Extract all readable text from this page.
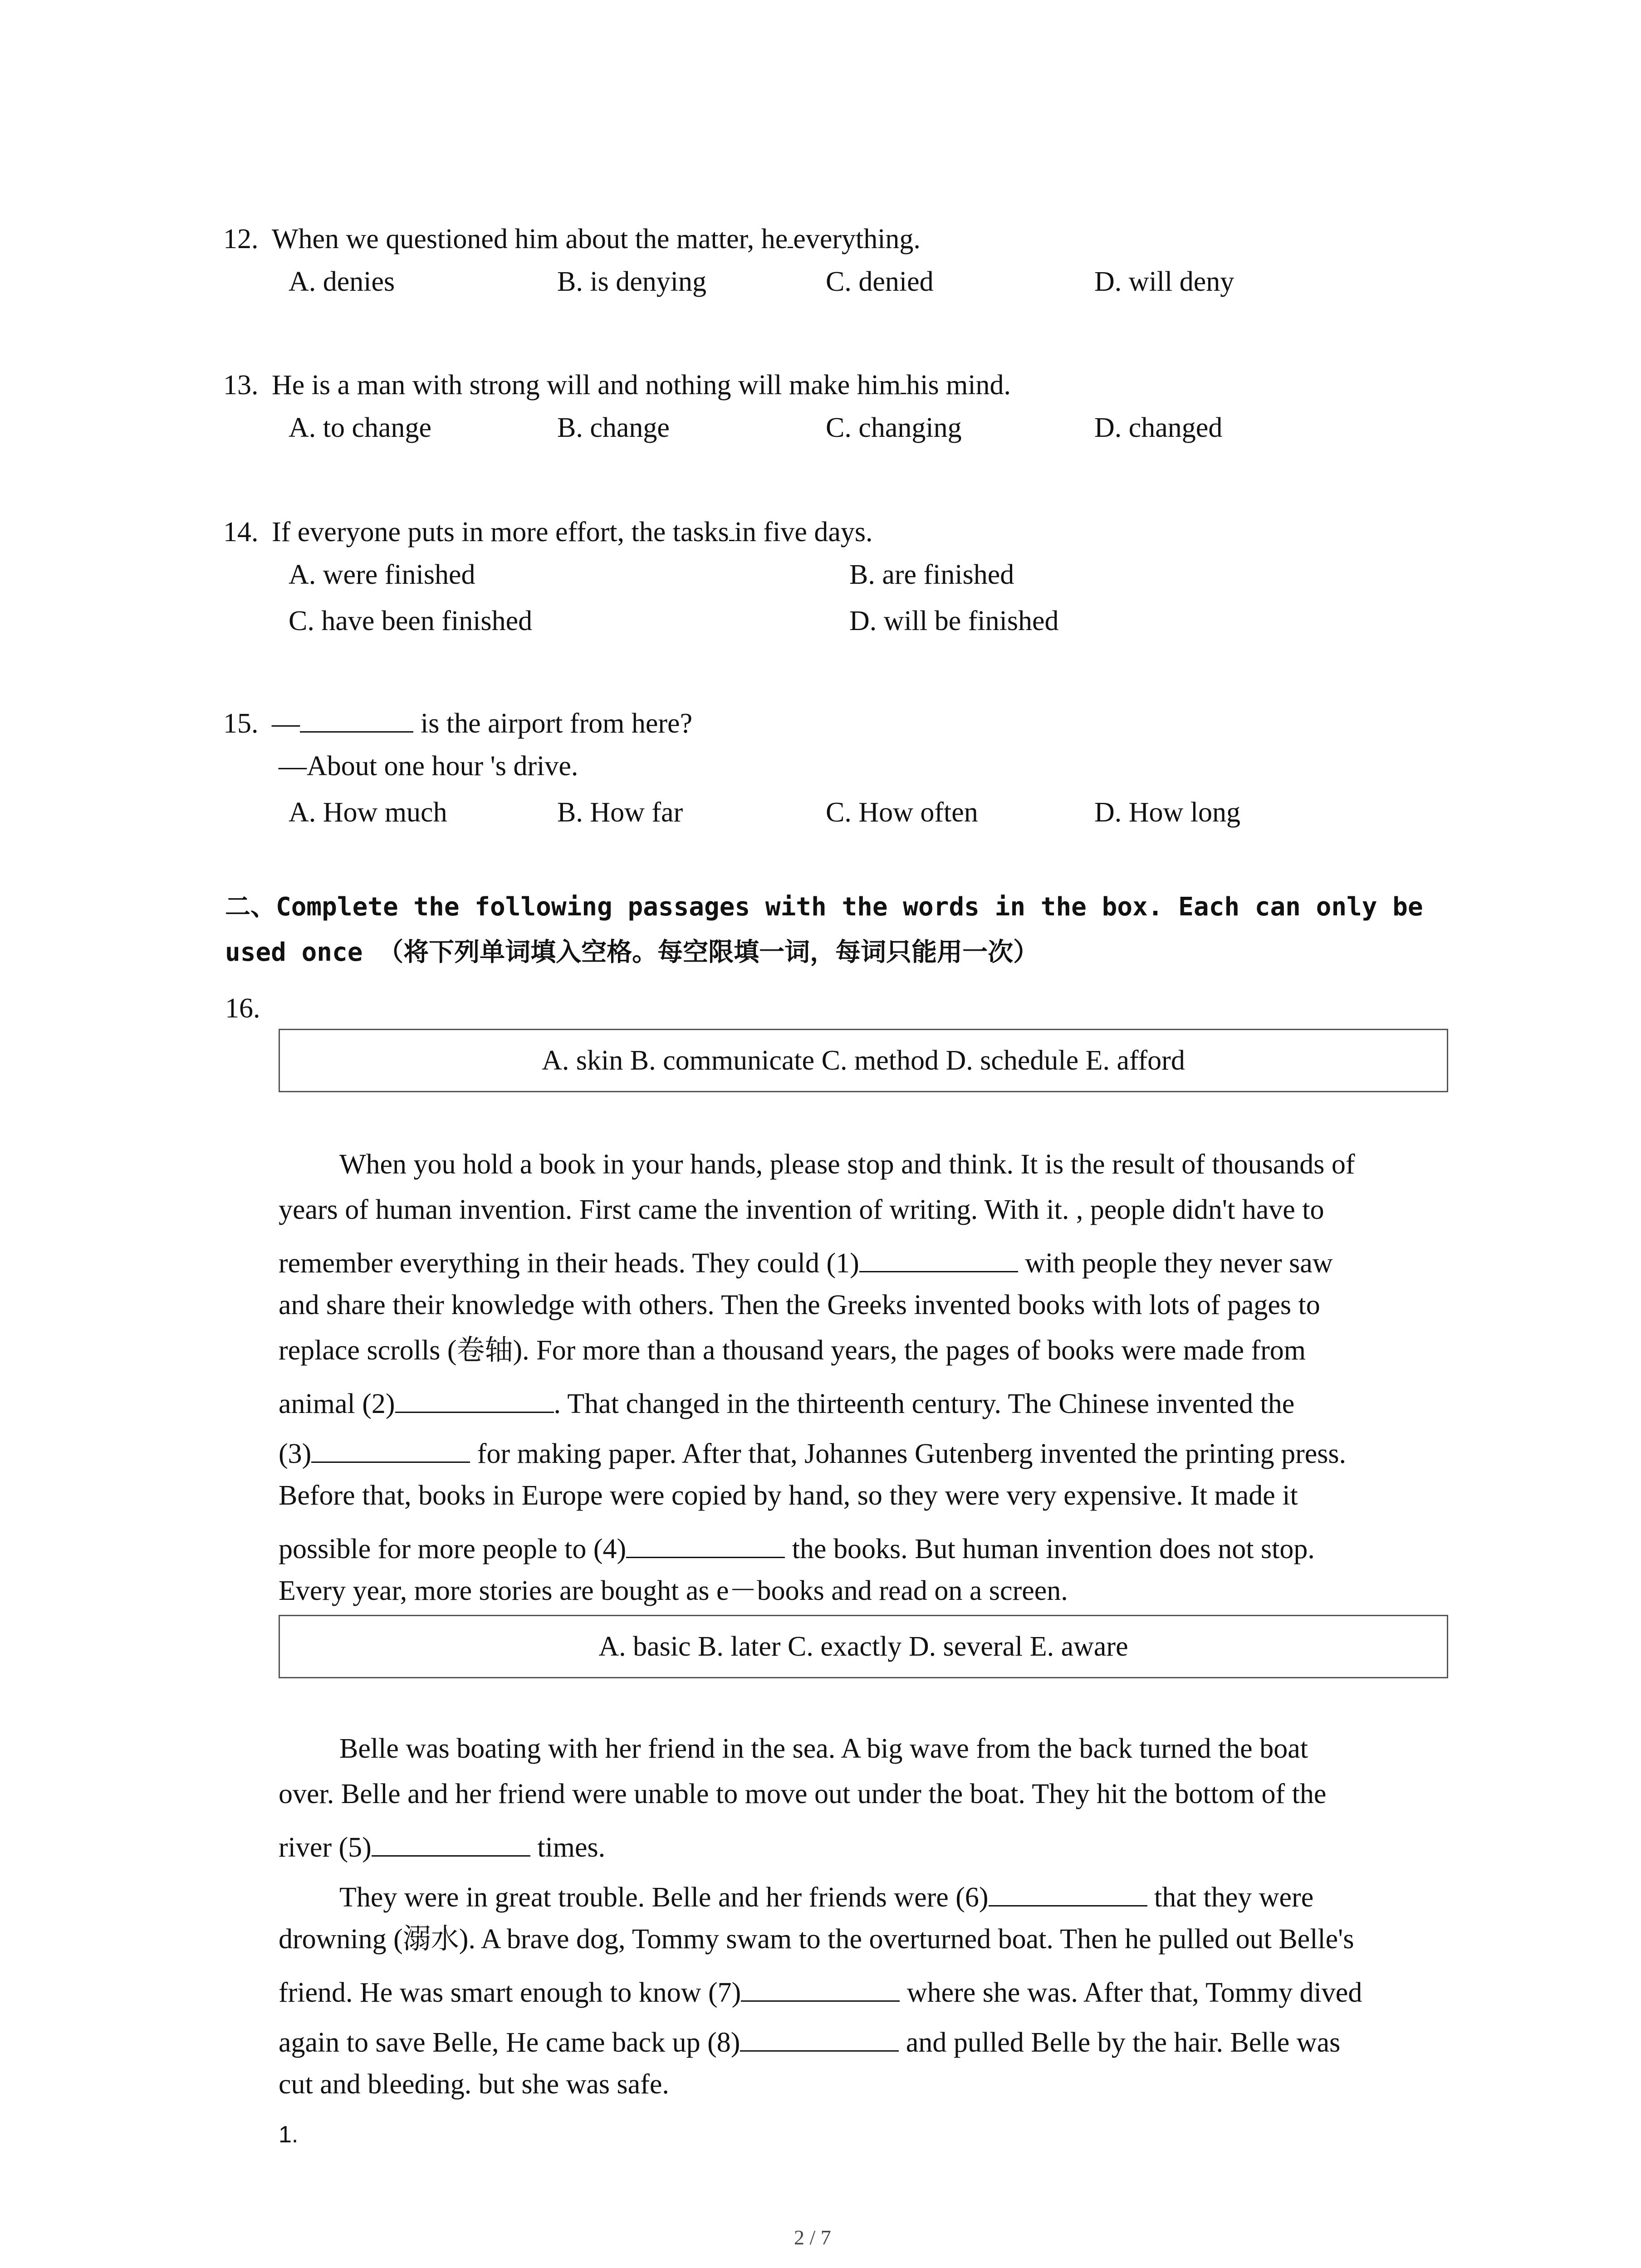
12. When we questioned him about the matter, he everything.
A. denies	B. is denying	C. denied	D. will deny
13. He is a man with strong will and nothing will make him his mind.
A. to change	B. change	C. changing	D. changed
14. If everyone puts in more effort, the tasks in five days.
A. were finished	B. are finished
C. have been finished	D. will be finished
15. —	is the airport from here?
—About one hour 's drive.
A. How much	B. How far	C. How often	D. How long
二、Complete the following passages with the words in the box. Each can only be
used once （将下列单词填入空格。每空限填一词，每词只能用一次）
16.
A. skin B. communicate C. method D. schedule E. afford
When you hold a book in your hands, please stop and think. It is the result of thousands of
years of human invention. First came the invention of writing. With it. , people didn't have to
remember everything in their heads. They could (1)	with people they never saw
and share their knowledge with others. Then the Greeks invented books with lots of pages to
replace scrolls (卷轴). For more than a thousand years, the pages of books were made from
animal (2)	. That changed in the thirteenth century. The Chinese invented the
(3)	for making paper. After that, Johannes Gutenberg invented the printing press.
Before that, books in Europe were copied by hand, so they were very expensive. It made it
possible for more people to (4)	the books. But human invention does not stop.
Every year, more stories are bought as e－books and read on a screen.
A. basic B. later C. exactly D. several E. aware
Belle was boating with her friend in the sea. A big wave from the back turned the boat
over. Belle and her friend were unable to move out under the boat. They hit the bottom of the
river (5)	times.
They were in great trouble. Belle and her friends were (6)	that they were
drowning (溺水). A brave dog, Tommy swam to the overturned boat. Then he pulled out Belle's
friend. He was smart enough to know (7)	where she was. After that, Tommy dived
again to save Belle, He came back up (8)	and pulled Belle by the hair. Belle was
cut and bleeding. but she was safe.
1.
2 / 7
